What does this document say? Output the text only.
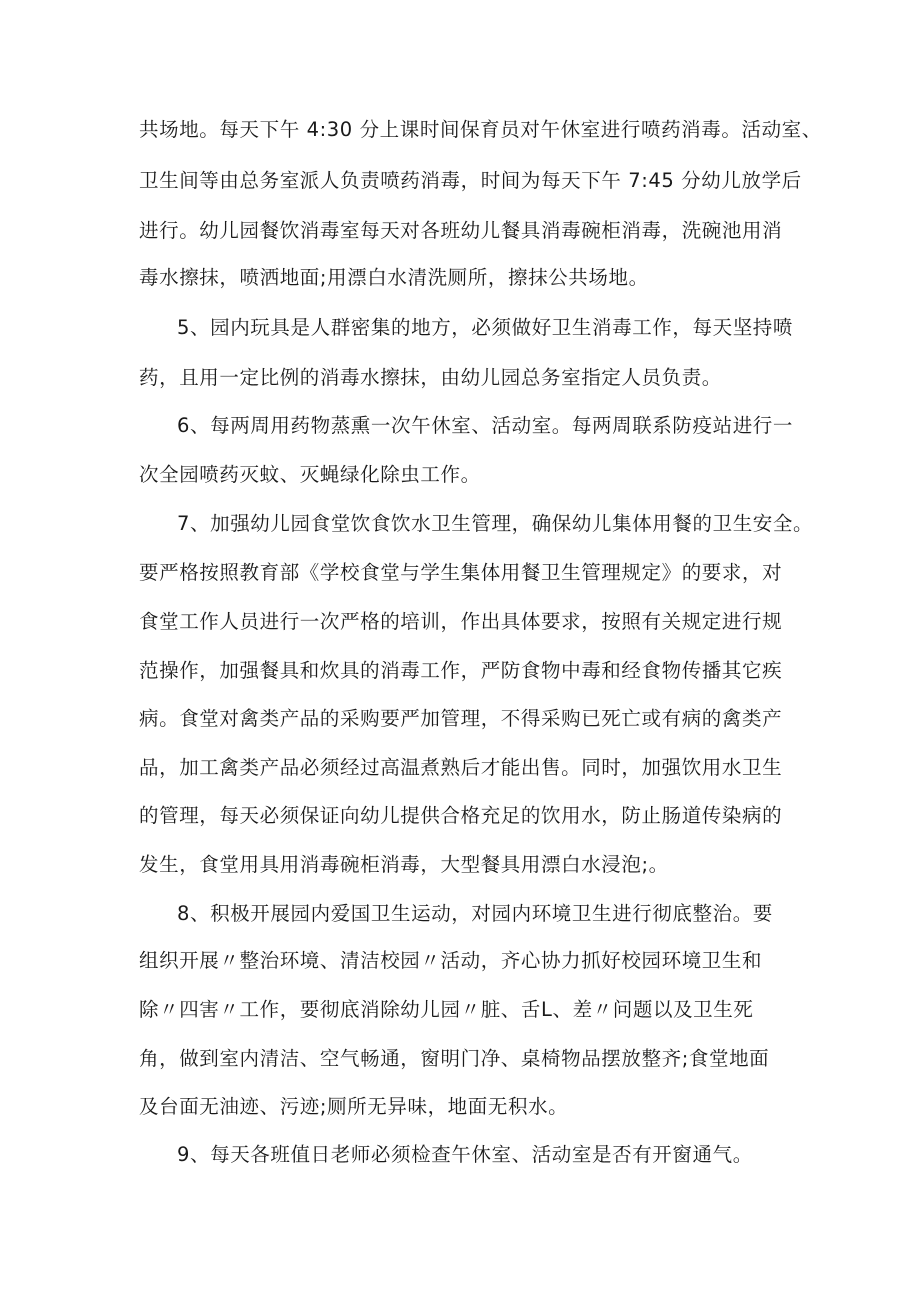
共场地。每天下午 4:30 分上课时间保育员对午休室进行喷药消毒。活动室、
卫生间等由总务室派人负责喷药消毒，时间为每天下午 7:45 分幼儿放学后
进行。幼儿园餐饮消毒室每天对各班幼儿餐具消毒碗柜消毒，洗碗池用消
毒水擦抹，喷洒地面;用漂白水清洗厕所，擦抹公共场地。
5、园内玩具是人群密集的地方，必须做好卫生消毒工作，每天坚持喷
药，且用一定比例的消毒水擦抹，由幼儿园总务室指定人员负责。
6、每两周用药物蒸熏一次午休室、活动室。每两周联系防疫站进行一
次全园喷药灭蚊、灭蝇绿化除虫工作。
7、加强幼儿园食堂饮食饮水卫生管理，确保幼儿集体用餐的卫生安全。
要严格按照教育部《学校食堂与学生集体用餐卫生管理规定》的要求，对
食堂工作人员进行一次严格的培训，作出具体要求，按照有关规定进行规
范操作，加强餐具和炊具的消毒工作，严防食物中毒和经食物传播其它疾
病。食堂对禽类产品的采购要严加管理，不得采购已死亡或有病的禽类产
品，加工禽类产品必须经过高温煮熟后才能出售。同时，加强饮用水卫生
的管理，每天必须保证向幼儿提供合格充足的饮用水，防止肠道传染病的
发生，食堂用具用消毒碗柜消毒，大型餐具用漂白水浸泡;。
8、积极开展园内爱国卫生运动，对园内环境卫生进行彻底整治。要
组织开展〃整治环境、清洁校园〃活动，齐心协力抓好校园环境卫生和
除〃四害〃工作，要彻底消除幼儿园〃脏、舌L、差〃问题以及卫生死
角，做到室内清洁、空气畅通，窗明门净、桌椅物品摆放整齐;食堂地面
及台面无油迹、污迹;厕所无异味，地面无积水。
9、每天各班值日老师必须检查午休室、活动室是否有开窗通气。
